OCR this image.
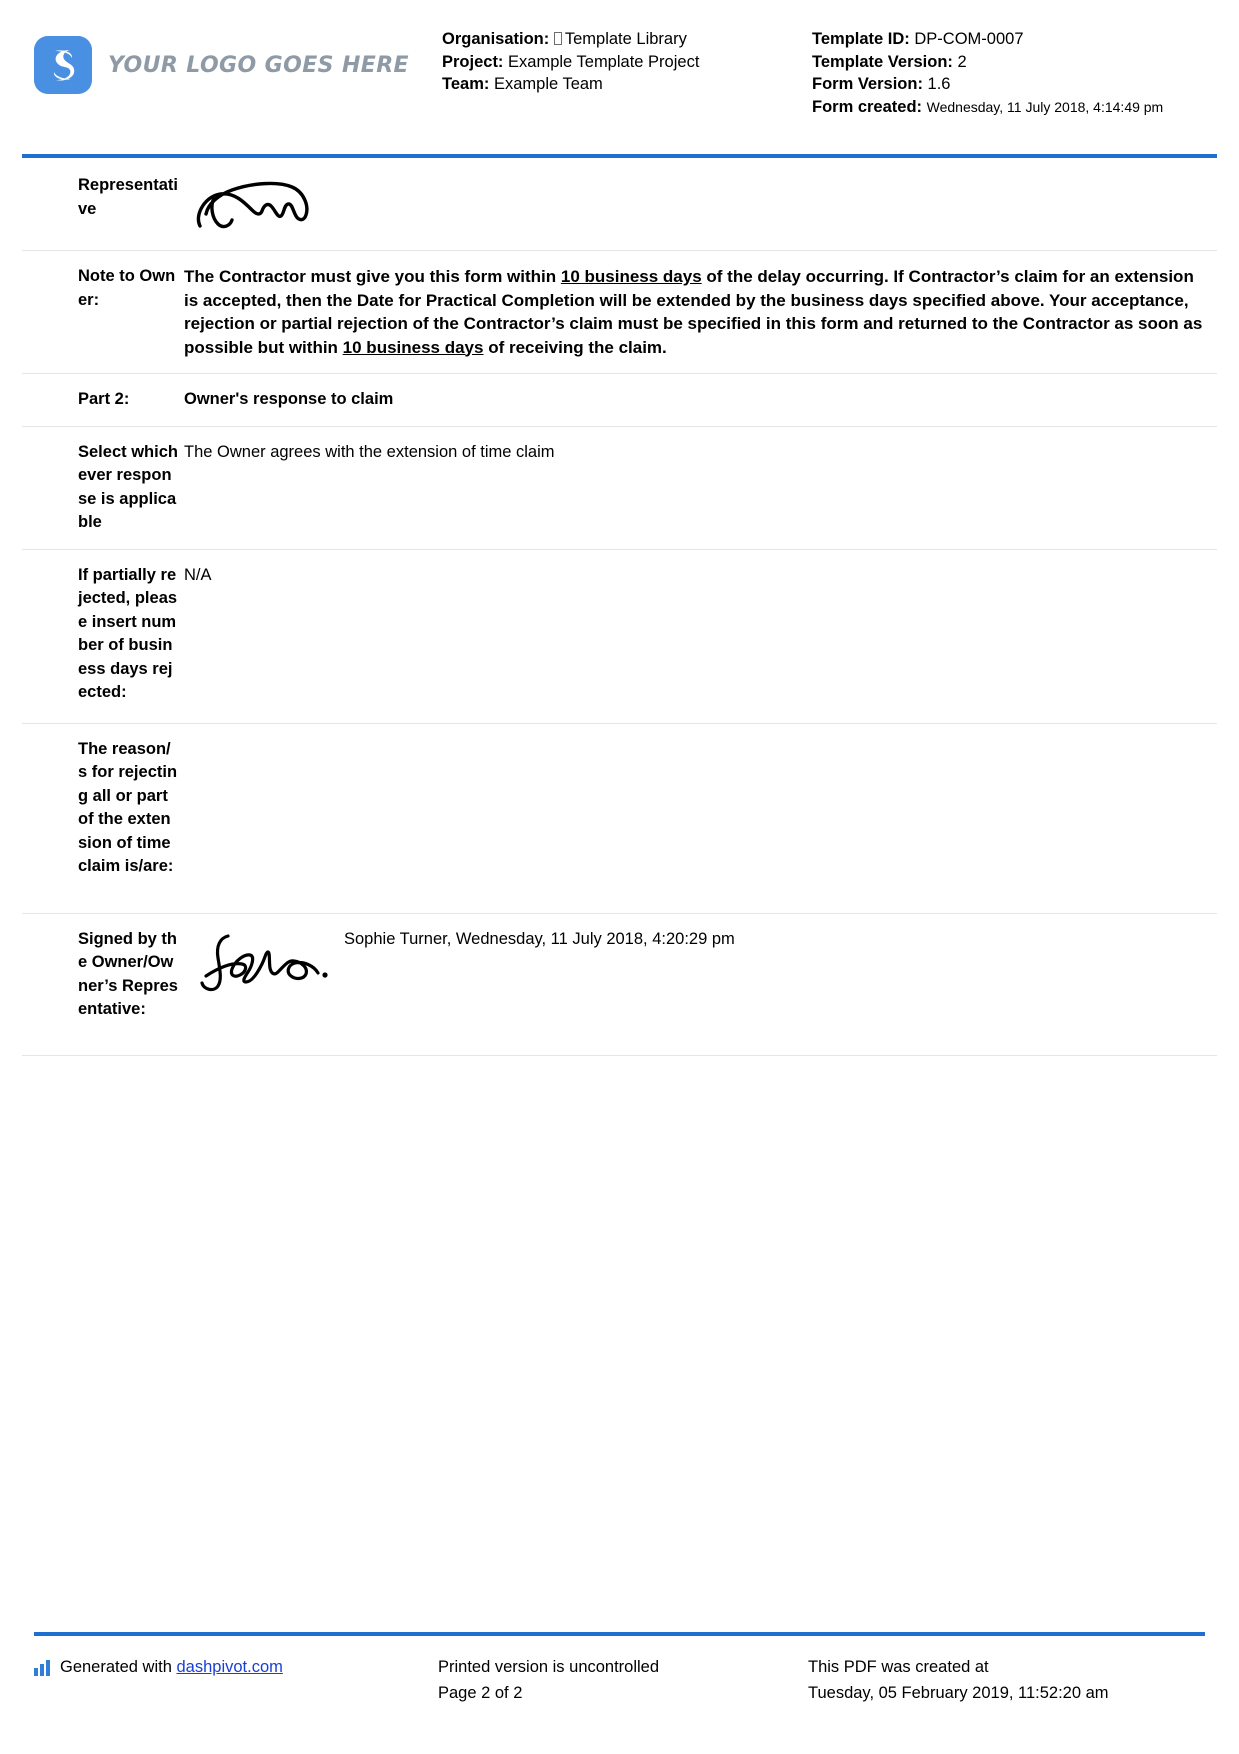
YOUR LOGO GOES HERE
Organisation: Template Library
Project: Example Template Project
Team: Example Team
Template ID: DP-COM-0007
Template Version: 2
Form Version: 1.6
Form created: Wednesday, 11 July 2018, 4:14:49 pm
Representative
Note to Owner:
The Contractor must give you this form within 10 business days of the delay occurring. If Contractor’s claim for an extension is accepted, then the Date for Practical Completion will be extended by the business days specified above. Your acceptance, rejection or partial rejection of the Contractor’s claim must be specified in this form and returned to the Contractor as soon as possible but within 10 business days of receiving the claim.
Part 2:	Owner's response to claim
Select whichever response is applicable
The Owner agrees with the extension of time claim
If partially rejected, please insert number of business days rejected:
N/A
The reason/s for rejecting all or part of the extension of time claim is/are:
Signed by the Owner/Owner’s Representative:
Sophie Turner, Wednesday, 11 July 2018, 4:20:29 pm
Generated with dashpivot.com	Printed version is uncontrolled
Page 2 of 2
This PDF was created at
Tuesday, 05 February 2019, 11:52:20 am
